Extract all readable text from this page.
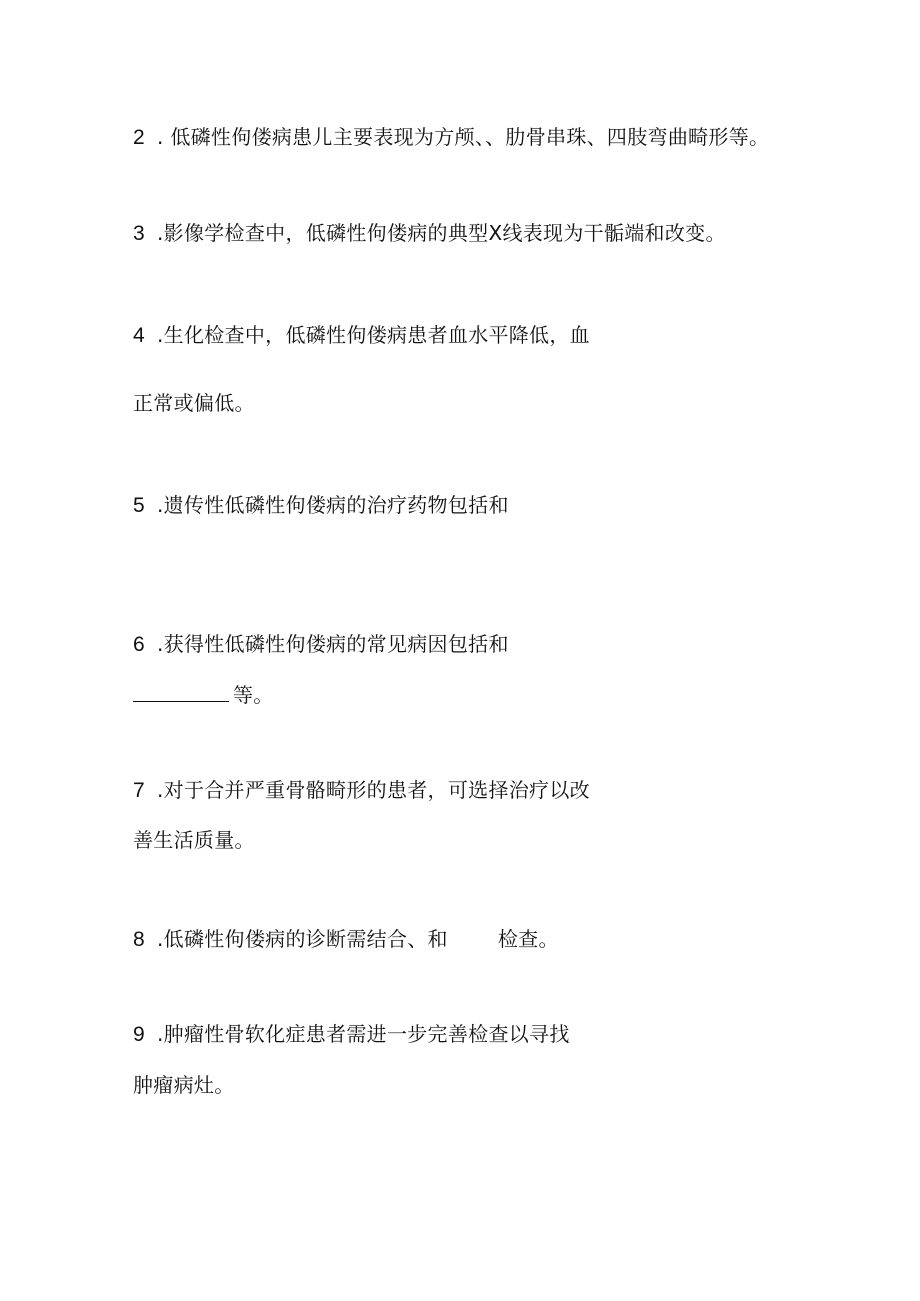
2 . 低磷性佝偻病患儿主要表现为方颅、、肋骨串珠、四肢弯曲畸形等。
3 .影像学检查中，低磷性佝偻病的典型X线表现为干骺端和改变。
4 .生化检查中，低磷性佝偻病患者血水平降低，血
正常或偏低。
5 .遗传性低磷性佝偻病的治疗药物包括和
6 .获得性低磷性佝偻病的常见病因包括和
等。
7 .对于合并严重骨骼畸形的患者，可选择治疗以改
善生活质量。
8 .低磷性佝偻病的诊断需结合、和	检查。
9 .肿瘤性骨软化症患者需进一步完善检查以寻找
肿瘤病灶。
